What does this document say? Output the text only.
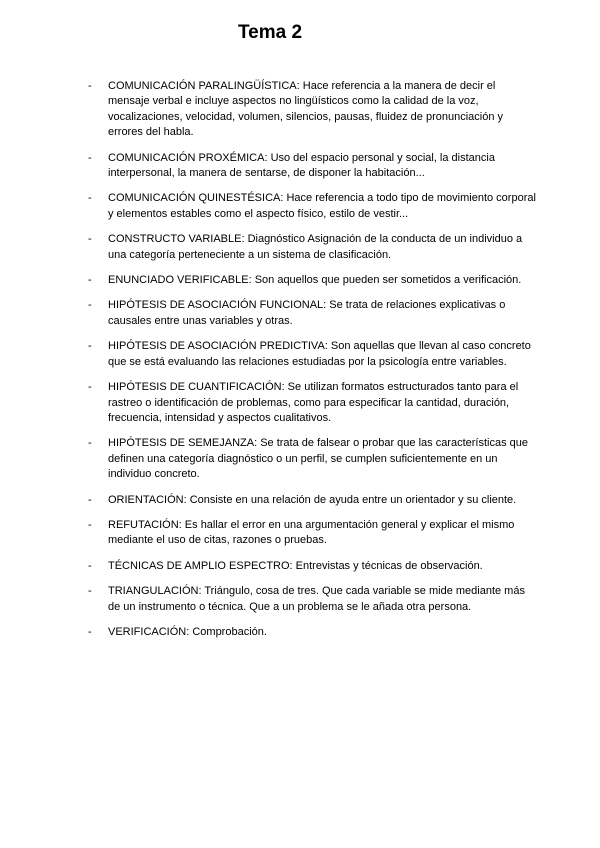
Tema 2
-	COMUNICACIÓN PARALINGÜÍSTICA: Hace referencia a la manera de decir el mensaje verbal e incluye aspectos no lingüísticos como la calidad de la voz, vocalizaciones, velocidad, volumen, silencios, pausas, fluidez de pronunciación y errores del habla.
-	COMUNICACIÓN PROXÉMICA: Uso del espacio personal y social, la distancia interpersonal, la manera de sentarse, de disponer la habitación...
-	COMUNICACIÓN QUINESTÉSICA: Hace referencia a todo tipo de movimiento corporal y elementos estables como el aspecto físico, estilo de vestir...
-	CONSTRUCTO VARIABLE: Diagnóstico Asignación de la conducta de un individuo a una categoría perteneciente a un sistema de clasificación.
-	ENUNCIADO VERIFICABLE: Son aquellos que pueden ser sometidos a verificación.
-	HIPÓTESIS DE ASOCIACIÓN FUNCIONAL: Se trata de relaciones explicativas o causales entre unas variables y otras.
-	HIPÓTESIS DE ASOCIACIÓN PREDICTIVA: Son aquellas que llevan al caso concreto que se está evaluando las relaciones estudiadas por la psicología entre variables.
-	HIPÓTESIS DE CUANTIFICACIÓN: Se utilizan formatos estructurados tanto para el rastreo o identificación de problemas, como para especificar la cantidad, duración, frecuencia, intensidad y aspectos cualitativos.
-	HIPÓTESIS DE SEMEJANZA: Se trata de falsear o probar que las características que definen una categoría diagnóstico o un perfil, se cumplen suficientemente en un individuo concreto.
-	ORIENTACIÓN: Consiste en una relación de ayuda entre un orientador y su cliente.
-	REFUTACIÓN: Es hallar el error en una argumentación general y explicar el mismo mediante el uso de citas, razones o pruebas.
-	TÉCNICAS DE AMPLIO ESPECTRO: Entrevistas y técnicas de observación.
-	TRIANGULACIÓN: Triángulo, cosa de tres. Que cada variable se mide mediante más de un instrumento o técnica. Que a un problema se le añada otra persona.
-	VERIFICACIÓN: Comprobación.
